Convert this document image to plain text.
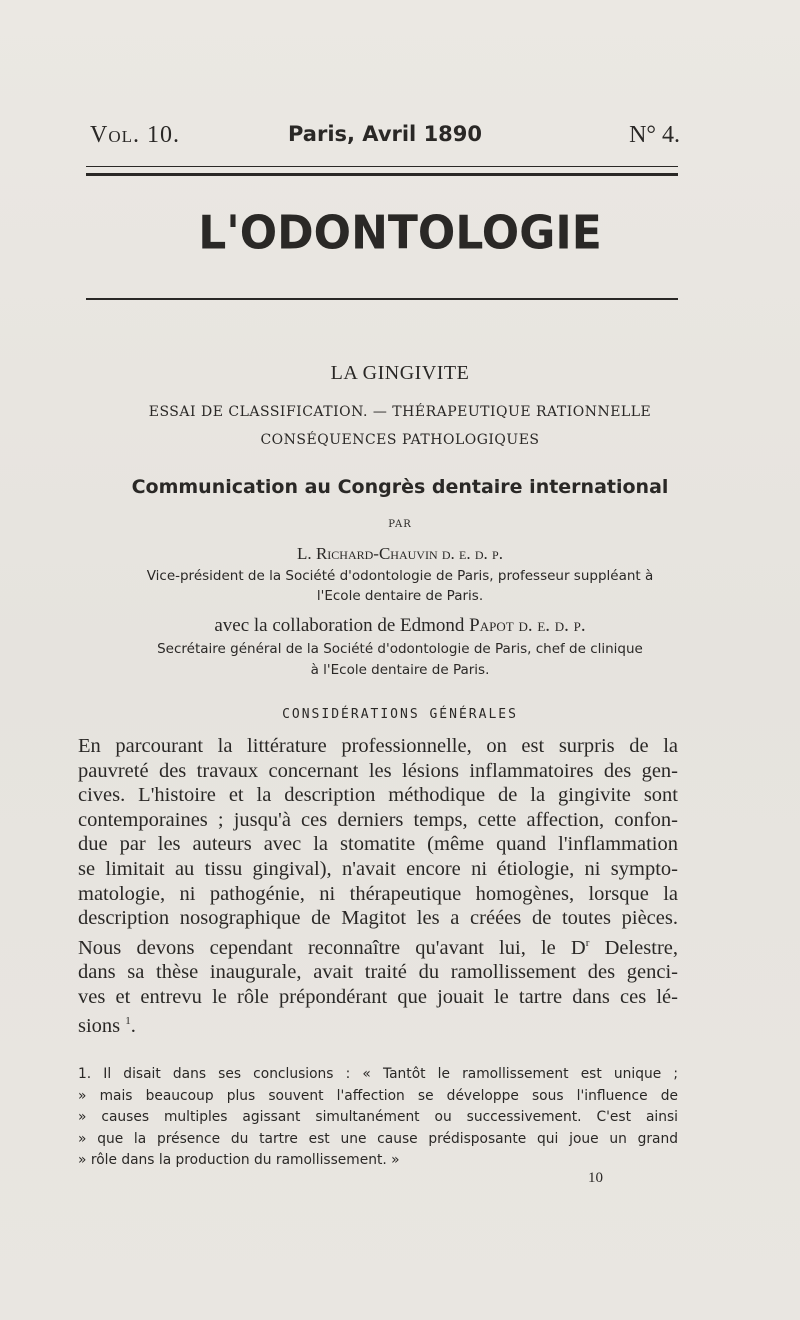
Vol. 10.	Paris, Avril 1890	N° 4.
L'ODONTOLOGIE
LA GINGIVITE
ESSAI DE CLASSIFICATION. — THÉRAPEUTIQUE RATIONNELLE
CONSÉQUENCES PATHOLOGIQUES
Communication au Congrès dentaire international
PAR
L. Richard-Chauvin d. e. d. p.
Vice-président de la Société d'odontologie de Paris, professeur suppléant à
l'Ecole dentaire de Paris.
avec la collaboration de Edmond Papot d. e. d. p.
Secrétaire général de la Société d'odontologie de Paris, chef de clinique
à l'Ecole dentaire de Paris.
CONSIDÉRATIONS GÉNÉRALES
En parcourant la littérature professionnelle, on est surpris de la
pauvreté des travaux concernant les lésions inflammatoires des gen-
cives. L'histoire et la description méthodique de la gingivite sont
contemporaines ; jusqu'à ces derniers temps, cette affection, confon-
due par les auteurs avec la stomatite (même quand l'inflammation
se limitait au tissu gingival), n'avait encore ni étiologie, ni sympto-
matologie, ni pathogénie, ni thérapeutique homogènes, lorsque la
description nosographique de Magitot les a créées de toutes pièces.
Nous devons cependant reconnaître qu'avant lui, le $D^r$ Delestre,
dans sa thèse inaugurale, avait traité du ramollissement des genci-
ves et entrevu le rôle prépondérant que jouait le tartre dans ces lé-
sions $^1$.
1. Il disait dans ses conclusions : « Tantôt le ramollissement est unique ;
» mais beaucoup plus souvent l'affection se développe sous l'influence de
» causes multiples agissant simultanément ou successivement. C'est ainsi
» que la présence du tartre est une cause prédisposante qui joue un grand
» rôle dans la production du ramollissement. »
10
